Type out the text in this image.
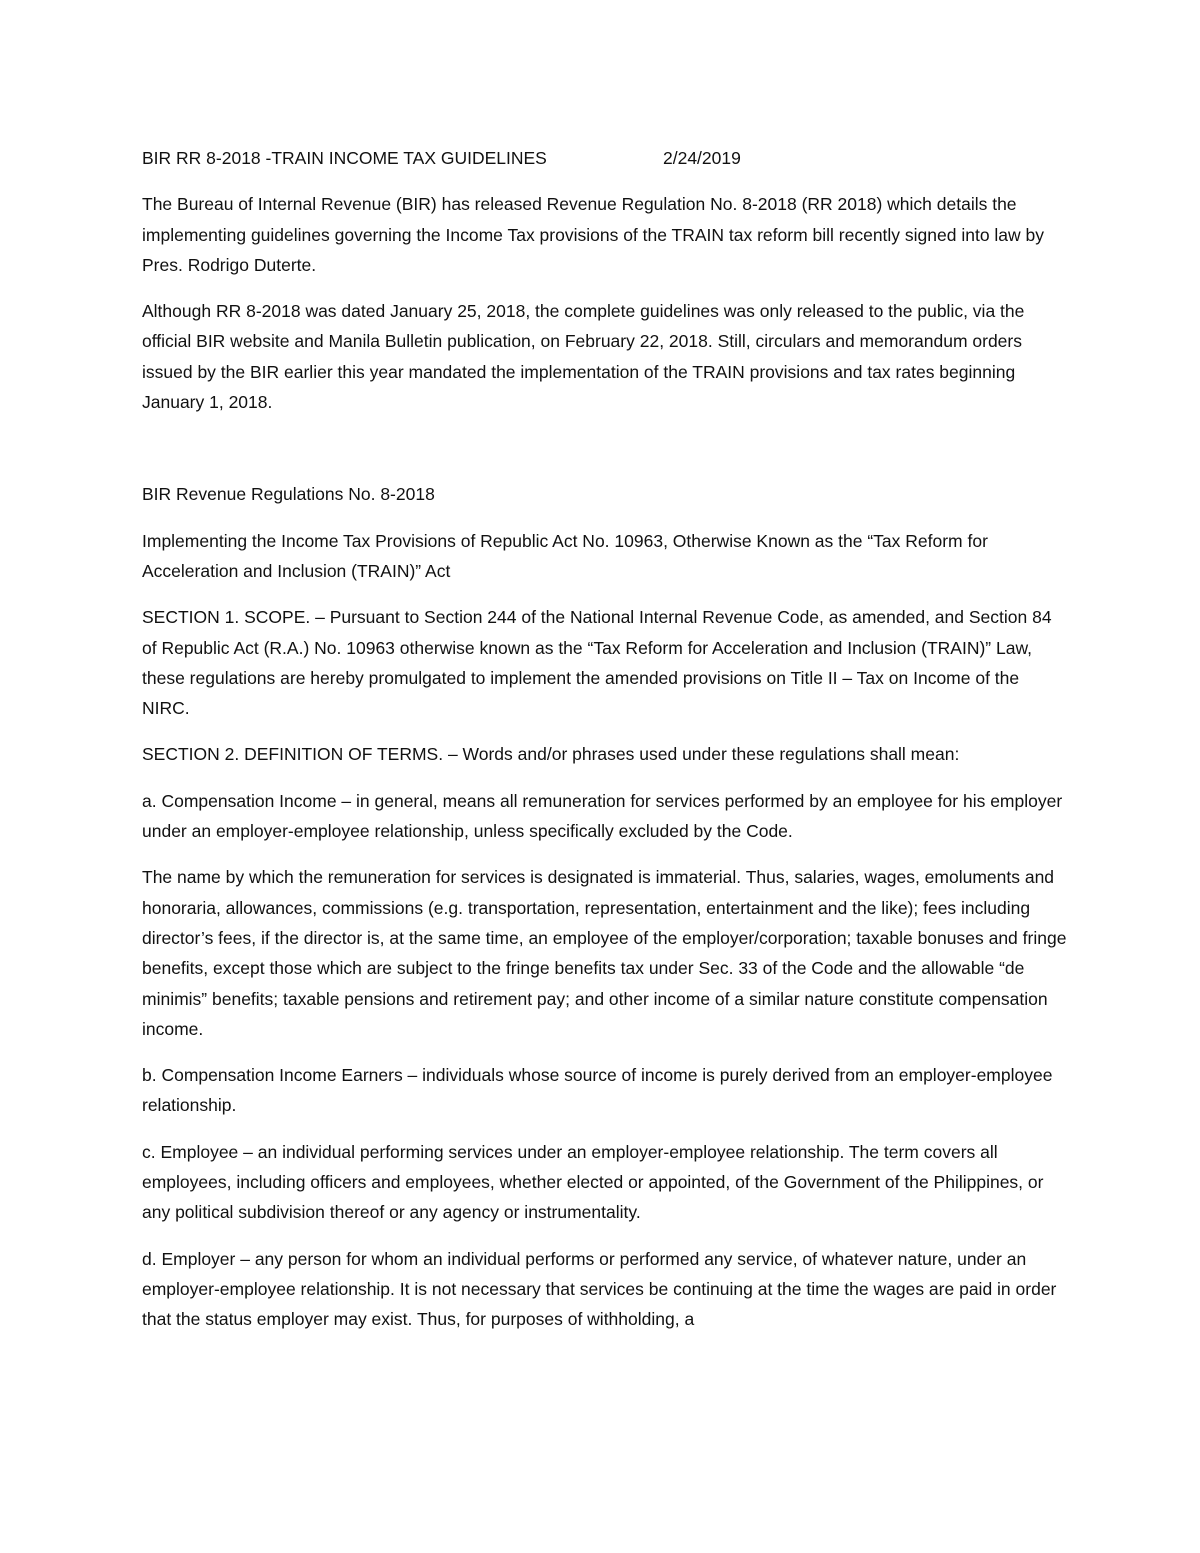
BIR RR 8-2018 -TRAIN INCOME TAX GUIDELINES	2/24/2019

The Bureau of Internal Revenue (BIR) has released Revenue Regulation No. 8-2018 (RR 2018) which details the implementing guidelines governing the Income Tax provisions of the TRAIN tax reform bill recently signed into law by Pres. Rodrigo Duterte.

Although RR 8-2018 was dated January 25, 2018, the complete guidelines was only released to the public, via the official BIR website and Manila Bulletin publication, on February 22, 2018. Still, circulars and memorandum orders issued by the BIR earlier this year mandated the implementation of the TRAIN provisions and tax rates beginning January 1, 2018.

BIR Revenue Regulations No. 8-2018

Implementing the Income Tax Provisions of Republic Act No. 10963, Otherwise Known as the “Tax Reform for Acceleration and Inclusion (TRAIN)” Act

SECTION 1. SCOPE. – Pursuant to Section 244 of the National Internal Revenue Code, as amended, and Section 84 of Republic Act (R.A.) No. 10963 otherwise known as the “Tax Reform for Acceleration and Inclusion (TRAIN)” Law, these regulations are hereby promulgated to implement the amended provisions on Title II – Tax on Income of the NIRC.

SECTION 2. DEFINITION OF TERMS. – Words and/or phrases used under these regulations shall mean:

a. Compensation Income – in general, means all remuneration for services performed by an employee for his employer under an employer-employee relationship, unless specifically excluded by the Code.

The name by which the remuneration for services is designated is immaterial. Thus, salaries, wages, emoluments and honoraria, allowances, commissions (e.g. transportation, representation, entertainment and the like); fees including director’s fees, if the director is, at the same time, an employee of the employer/corporation; taxable bonuses and fringe benefits, except those which are subject to the fringe benefits tax under Sec. 33 of the Code and the allowable “de minimis” benefits; taxable pensions and retirement pay; and other income of a similar nature constitute compensation income.

b. Compensation Income Earners – individuals whose source of income is purely derived from an employer-employee relationship.

c. Employee – an individual performing services under an employer-employee relationship. The term covers all employees, including officers and employees, whether elected or appointed, of the Government of the Philippines, or any political subdivision thereof or any agency or instrumentality.

d. Employer – any person for whom an individual performs or performed any service, of whatever nature, under an employer-employee relationship. It is not necessary that services be continuing at the time the wages are paid in order that the status employer may exist. Thus, for purposes of withholding, a
